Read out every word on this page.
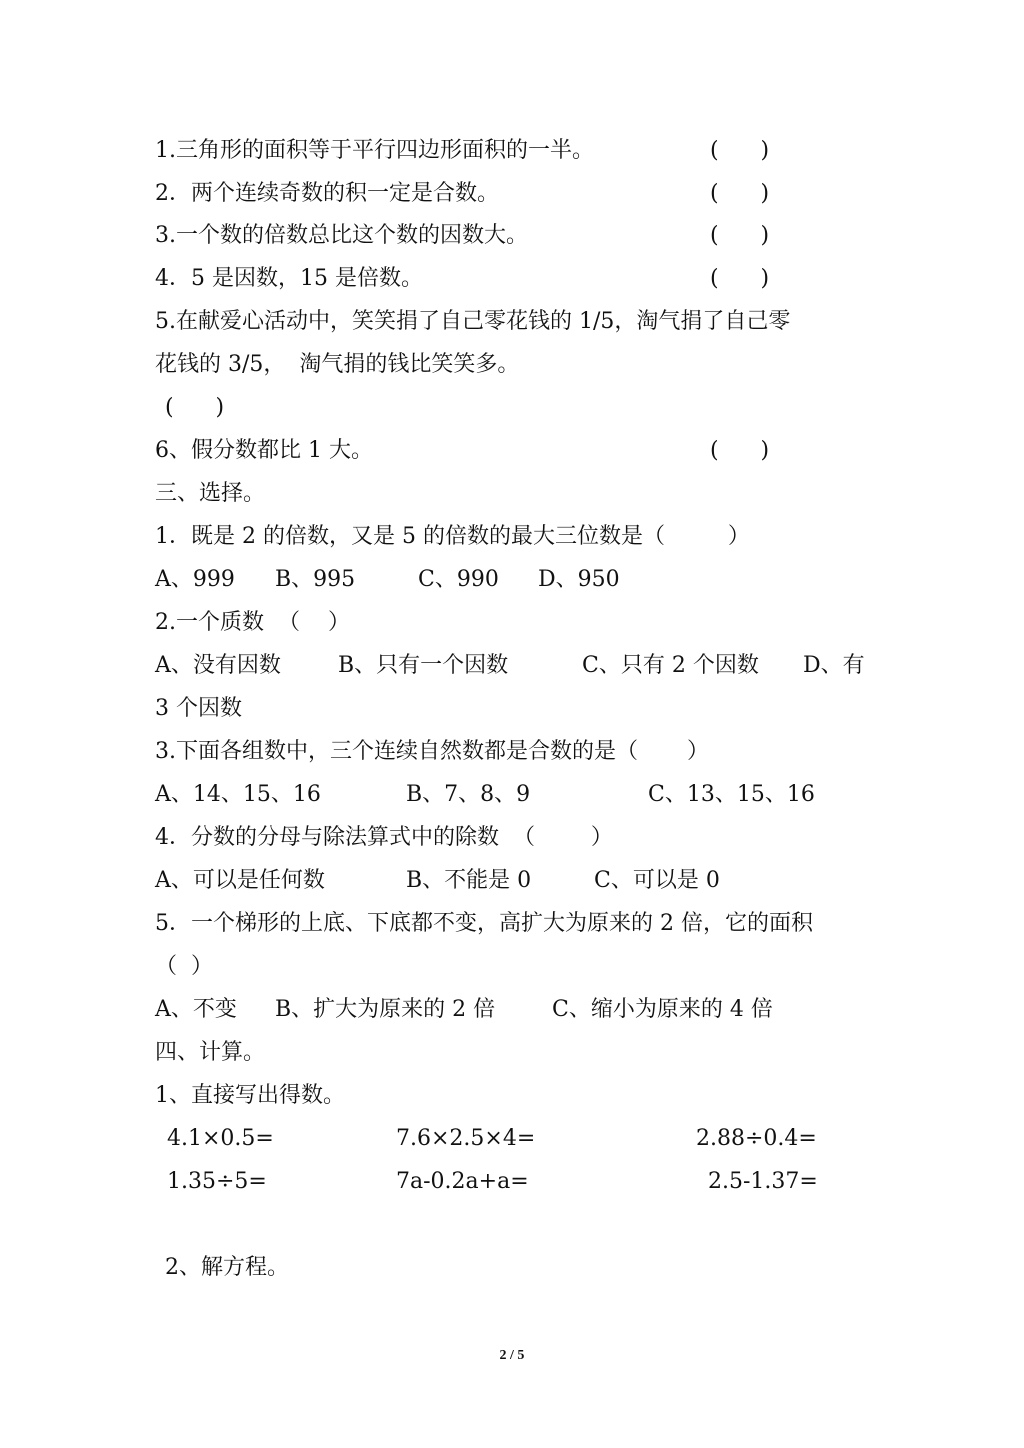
1.三角形的面积等于平行四边形面积的一半。	(      )
2．两个连续奇数的积一定是合数。	(      )
3.一个数的倍数总比这个数的因数大。	(      )
4．5 是因数，15 是倍数。	(      )
5.在献爱心活动中，笑笑捐了自己零花钱的 1/5，淘气捐了自己零
花钱的 3/5，  淘气捐的钱比笑笑多。
(      )
6、假分数都比 1 大。	(      )
三、选择。
1．既是 2 的倍数，又是 5 的倍数的最大三位数是（         ）
A、999 B、995	C、990 D、950
2.一个质数  （    ）
A、没有因数	B、只有一个因数	C、只有 2 个因数 D、有
3 个因数
3.下面各组数中，三个连续自然数都是合数的是（       ）
A、14、15、16	B、7、8、9	C、13、15、16
4．分数的分母与除法算式中的除数  （        ）
A、可以是任何数	B、不能是 0	C、可以是 0
5．一个梯形的上底、下底都不变，高扩大为原来的 2 倍，它的面积
（  ）
A、不变 B、扩大为原来的 2 倍	C、缩小为原来的 4 倍
四、计算。
1、直接写出得数。
4.1×0.5=	7.6×2.5×4=	2.88÷0.4=
1.35÷5=	7a-0.2a+a=	2.5-1.37=
2、解方程。
2 / 5
